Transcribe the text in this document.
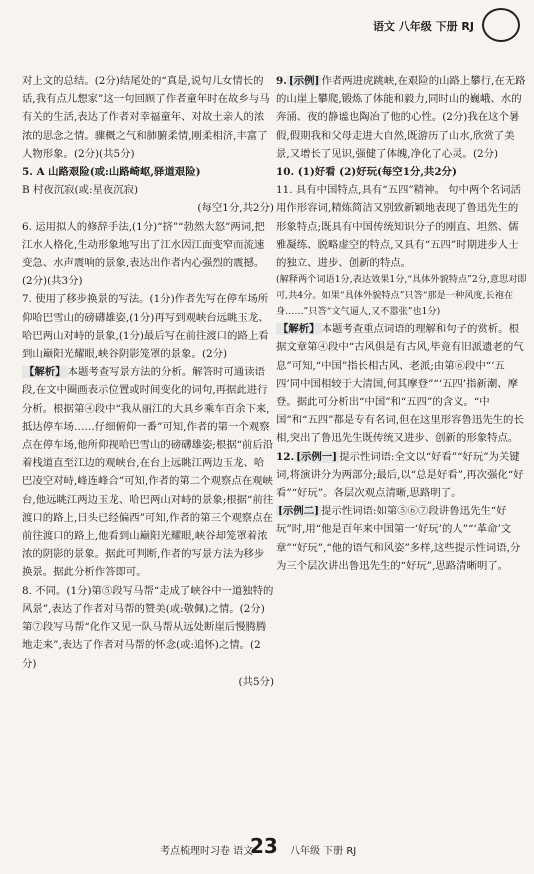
语文 八年级 下册 RJ

对上文的总结。(2分)结尾处的“真是,说句儿女情长的话,我有点儿想家”这一句回顾了作者童年时在故乡与马有关的生活,表达了作者对幸福童年、对故土亲人的浓浓的思念之情。骤概之气和肺腑柔情,刚柔相济,丰富了人物形象。(2分)(共5分)

5. A 山路艰险(或:山路崎岖,驿道艰险)

B 村夜沉寂(或:星夜沉寂)

(每空1分,共2分)

6. 运用拟人的修辞手法,(1分)“挤”“勃然大怒”两词,把江水人格化,生动形象地写出了江水因江面变窄而流速变急、水声震响的景象,表达出作者内心强烈的震撼。(2分)(共3分)

7. 使用了移步换景的写法。(1分)作者先写在停车场所仰哈巴雪山的磅礴雄姿,(1分)再写到观峡台远眺玉龙、哈巴两山对峙的景象,(1分)最后写在前往渡口的路上看到山巅阳光耀眼,峡谷阴影笼罩的景象。(2分)

【解析】 本题考查写景方法的分析。解答时可通读语段,在文中圈画表示位置或时间变化的词句,再据此进行分析。根据第④段中“我从丽江的大具乡乘车百余下来,抵达停车场……仔细俯仰一番”可知,作者的第一个观察点在停车场,他所仰视哈巴雪山的磅礴雄姿;根据“前后沿着栈道直至江边的观峡台,在台上远眺江两边玉龙、哈巴凌空对峙,峰连峰合”可知,作者的第二个观察点在观峡台,他远眺江两边玉龙、哈巴两山对峙的景象;根据“前往渡口的路上,日头已经偏西”可知,作者的第三个观察点在前往渡口的路上,他看到山巅阳光耀眼,峡谷却笼罩着浓浓的阴影的景象。据此可判断,作者的写景方法为移步换景。据此分析作答即可。

8. 不同。(1分)第⑤段写马帮“走成了峡谷中一道独特的风景”,表达了作者对马帮的赞美(或:敬佩)之情。(2分)第⑦段写马帮“化作又见一队马帮从远处断崖后慢腾腾地走来”,表达了作者对马帮的怀念(或:追怀)之情。(2分)

(共5分)

9. [示例] 作者两进虎跳峡,在艰险的山路上攀行,在无路的山崖上攀爬,锻炼了体能和毅力,同时山的巍峨、水的奔涌、夜的静谧也陶冶了他的心性。(2分)我在这个暑假,假期我和父母走进大自然,既游历了山水,欣赏了美景,又增长了见识,强健了体魄,净化了心灵。(2分)

10. (1)好看 (2)好玩(每空1分,共2分)

11. 具有中国特点,具有“五四”精神。 句中两个名词活用作形容词,精炼简洁又别致新颖地表现了鲁迅先生的形象特点;既具有中国传统知识分子的刚直、坦然、儒雅凝练、脱略虚空的特点,又具有“五四”时期进步人士的独立、进步、创新的特点。

(解释两个词语1分,表达效果1分,“具体外貌特点”2分,意思对即可,共4分。如果“具体外貌特点”只答“那是一种风度,长袍在身……”只答“文气逼人,又不嚣张”也1分)

【解析】 本题考查重点词语的理解和句子的赏析。根据文章第④段中“古风俱是有古风,毕竟有旧派遗老的气息”可知,“中国”指长相古风、老派;由第⑥段中“‘五四’同中国相较于大清国,何其摩登”“‘五四’指新潮、摩登。据此可分析出“中国”和“五四”的含义。“中国”和“五四”都是专有名词,但在这里形容鲁迅先生的长相,突出了鲁迅先生既传统又进步、创新的形象特点。

12. [示例一] 提示性词语:全文以“好看”“好玩”为关键词,将演讲分为两部分;最后,以“总是好看”,再次强化“好看”“好玩”。各层次观点清晰,思路明了。

[示例二] 提示性词语:如第⑤⑥⑦段讲鲁迅先生“好玩”时,用“他是百年来中国第一‘好玩’的人”“‘革命’文章”“好玩”,“他的语气和风姿”多样,这些提示性词语,分为三个层次讲出鲁迅先生的“好玩”,思路清晰明了。

考点梳理时习卷 语文
23 八年级 下册 RJ
